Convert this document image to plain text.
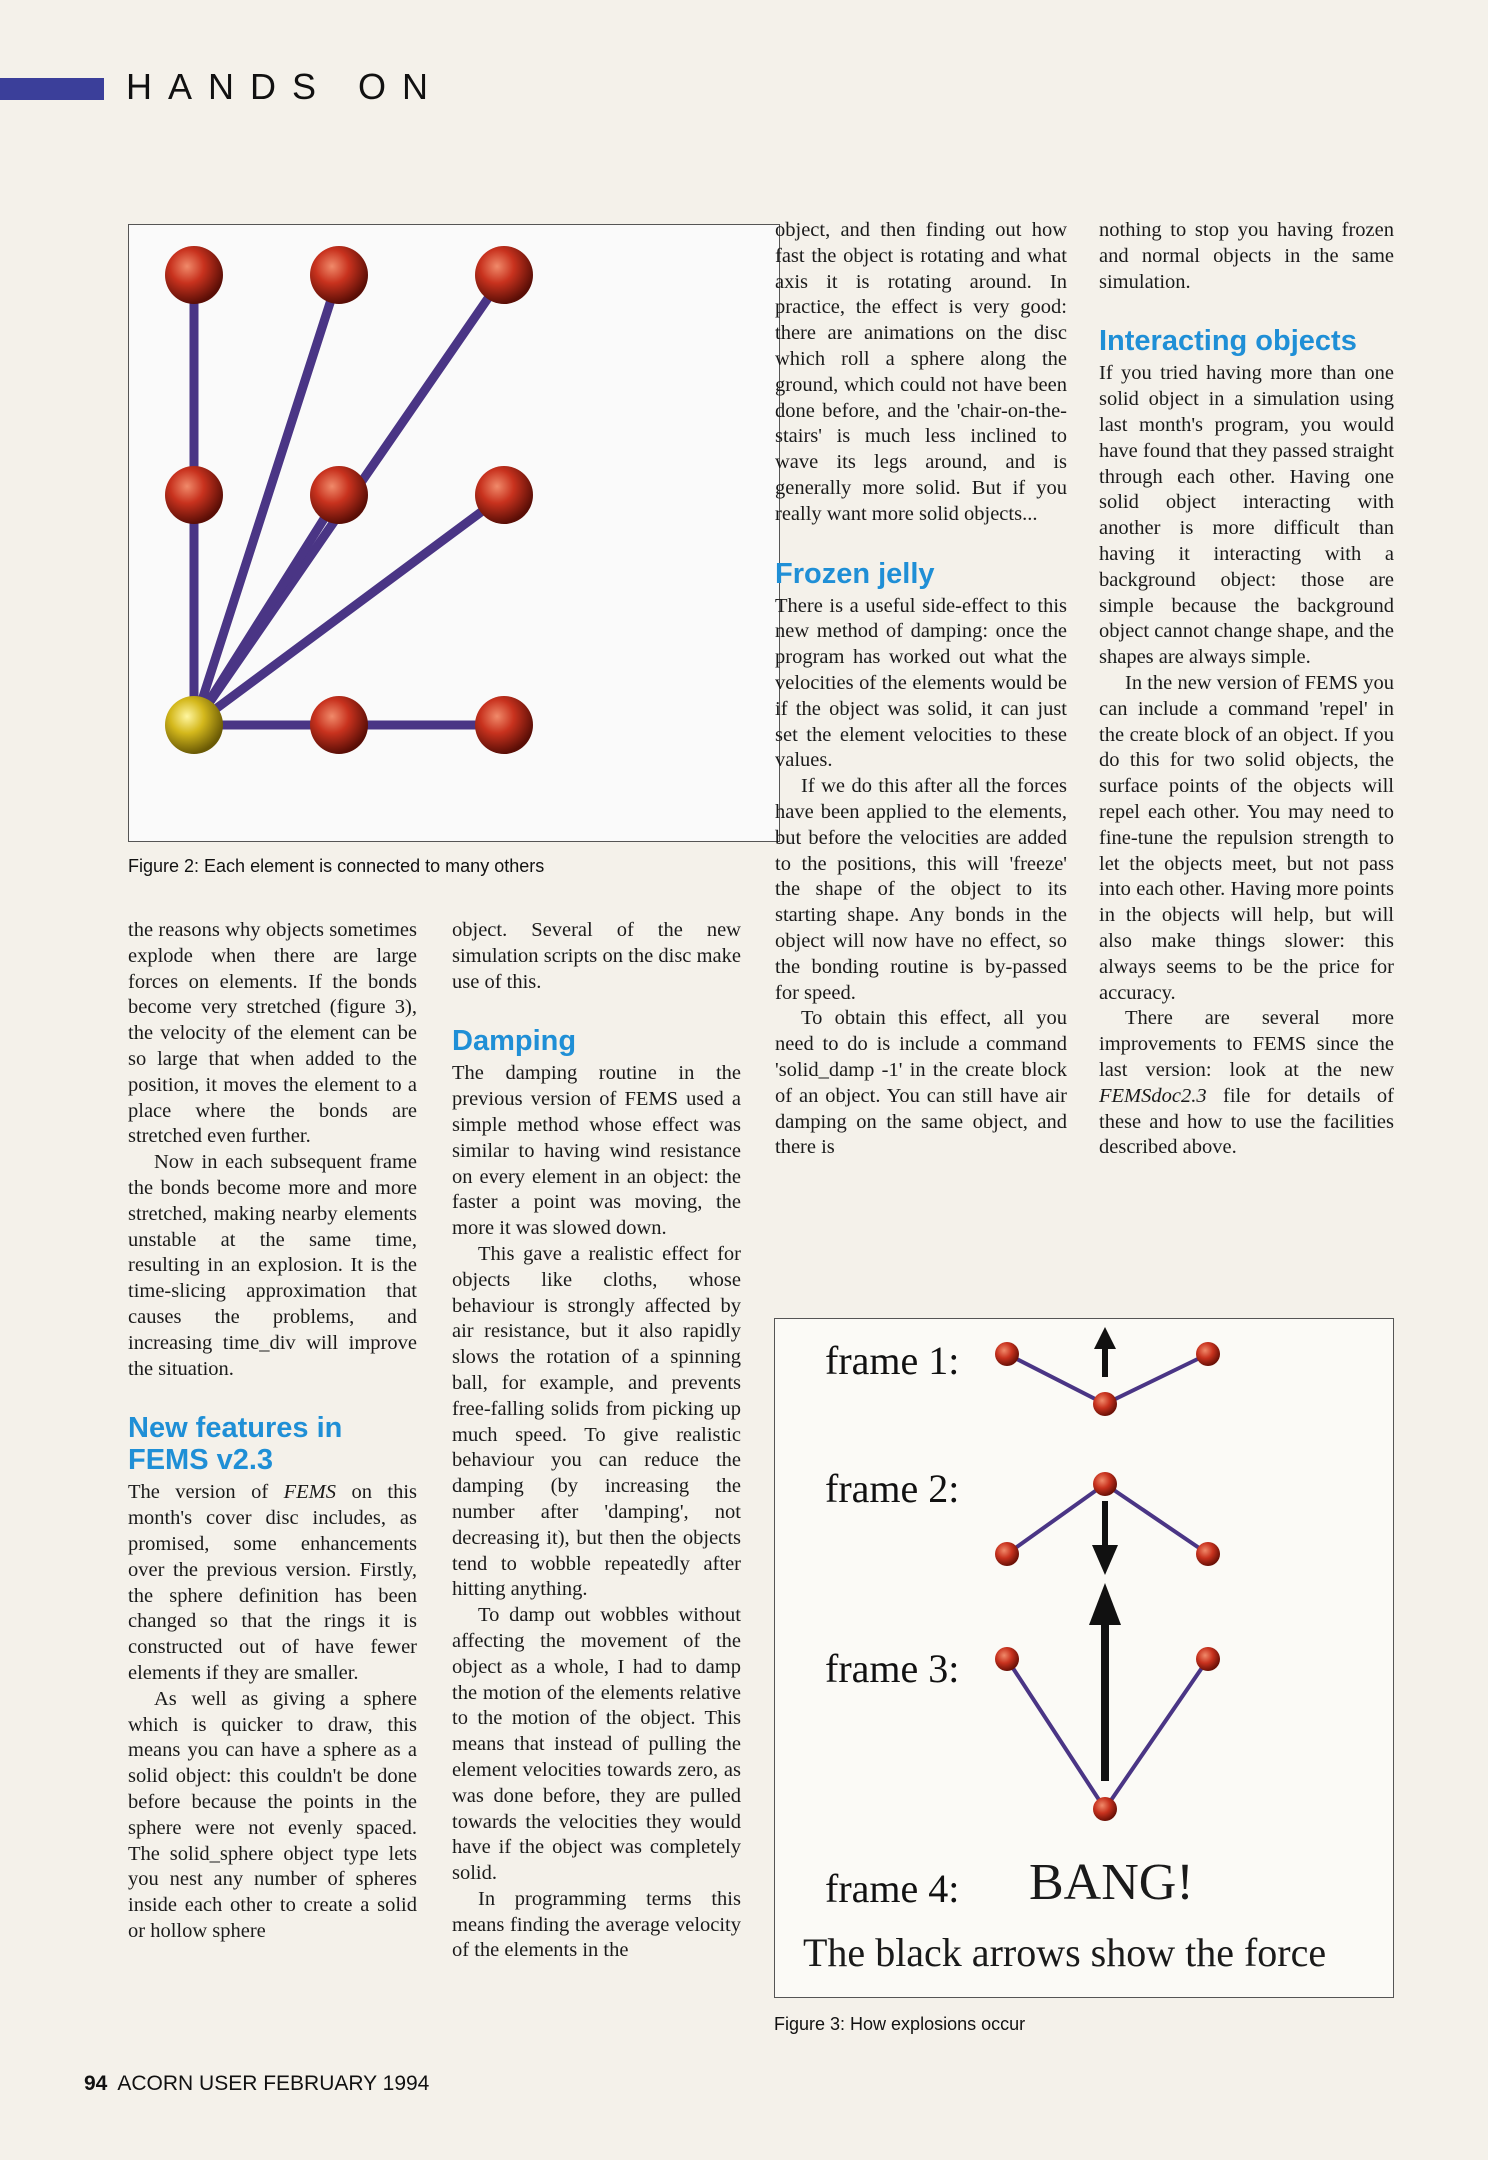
HANDS ON
Figure 2: Each element is connected to many others

the reasons why objects sometimes explode when there are large forces on elements. If the bonds become very stretched (figure 3), the velocity of the element can be so large that when added to the position, it moves the element to a place where the bonds are stretched even further.

Now in each subsequent frame the bonds become more and more stretched, making nearby elements unstable at the same time, resulting in an explosion. It is the time-slicing approximation that causes the problems, and increasing time_div will improve the situation.

New features in FEMS v2.3

The version of FEMS on this month's cover disc includes, as promised, some enhancements over the previous version. Firstly, the sphere definition has been changed so that the rings it is constructed out of have fewer elements if they are smaller.

As well as giving a sphere which is quicker to draw, this means you can have a sphere as a solid object: this couldn't be done before because the points in the sphere were not evenly spaced. The solid_sphere object type lets you nest any number of spheres inside each other to create a solid or hollow sphere

object. Several of the new simulation scripts on the disc make use of this.

Damping

The damping routine in the previous version of FEMS used a simple method whose effect was similar to having wind resistance on every element in an object: the faster a point was moving, the more it was slowed down.

This gave a realistic effect for objects like cloths, whose behaviour is strongly affected by air resistance, but it also rapidly slows the rotation of a spinning ball, for example, and prevents free-falling solids from picking up much speed. To give realistic behaviour you can reduce the damping (by increasing the number after 'damping', not decreasing it), but then the objects tend to wobble repeatedly after hitting anything.

To damp out wobbles without affecting the movement of the object as a whole, I had to damp the motion of the elements relative to the motion of the object. This means that instead of pulling the element velocities towards zero, as was done before, they are pulled towards the velocities they would have if the object was completely solid.

In programming terms this means finding the average velocity of the elements in the

object, and then finding out how fast the object is rotating and what axis it is rotating around. In practice, the effect is very good: there are animations on the disc which roll a sphere along the ground, which could not have been done before, and the 'chair-on-the-stairs' is much less inclined to wave its legs around, and is generally more solid. But if you really want more solid objects...

Frozen jelly

There is a useful side-effect to this new method of damping: once the program has worked out what the velocities of the elements would be if the object was solid, it can just set the element velocities to these values.

If we do this after all the forces have been applied to the elements, but before the velocities are added to the positions, this will 'freeze' the shape of the object to its starting shape. Any bonds in the object will now have no effect, so the bonding routine is by-passed for speed.

To obtain this effect, all you need to do is include a command 'solid_damp -1' in the create block of an object. You can still have air damping on the same object, and there is

nothing to stop you having frozen and normal objects in the same simulation.

Interacting objects

If you tried having more than one solid object in a simulation using last month's program, you would have found that they passed straight through each other. Having one solid object interacting with another is more difficult than having it interacting with a background object: those are simple because the background object cannot change shape, and the shapes are always simple.

In the new version of FEMS you can include a command 'repel' in the create block of an object. If you do this for two solid objects, the surface points of the objects will repel each other. You may need to fine-tune the repulsion strength to let the objects meet, but not pass into each other. Having more points in the objects will help, but will also make things slower: this always seems to be the price for accuracy.

There are several more improvements to FEMS since the last version: look at the new FEMSdoc2.3 file for details of these and how to use the facilities described above.

frame 1:
frame 2:
frame 3:
frame 4: BANG!
The black arrows show the force
Figure 3: How explosions occur
94 ACORN USER FEBRUARY 1994
